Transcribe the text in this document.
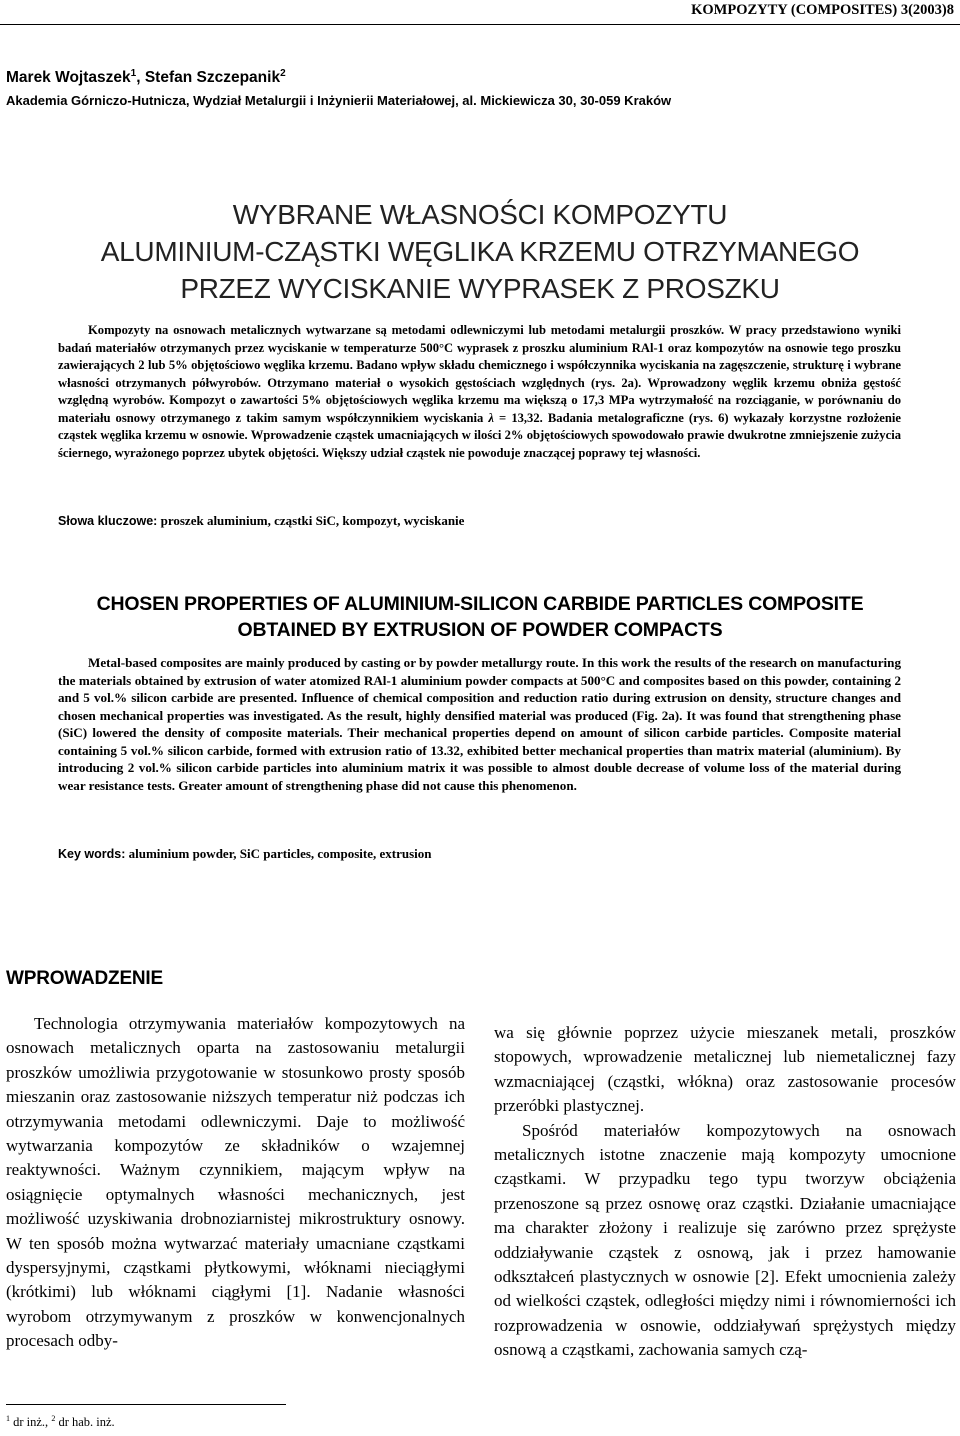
KOMPOZYTY (COMPOSITES) 3(2003)8
Marek Wojtaszek$^1$, Stefan Szczepanik$^2$
Akademia Górniczo-Hutnicza, Wydział Metalurgii i Inżynierii Materiałowej, al. Mickiewicza 30, 30-059 Kraków
WYBRANE WŁASNOŚCI KOMPOZYTU
ALUMINIUM-CZĄSTKI WĘGLIKA KRZEMU OTRZYMANEGO
PRZEZ WYCISKANIE WYPRASEK Z PROSZKU
Kompozyty na osnowach metalicznych wytwarzane są metodami odlewniczymi lub metodami metalurgii proszków. W pracy przedstawiono wyniki badań materiałów otrzymanych przez wyciskanie w temperaturze 500°C wyprasek z proszku aluminium RAl-1 oraz kompozytów na osnowie tego proszku zawierających 2 lub 5% objętościowo węglika krzemu. Badano wpływ składu chemicznego i współczynnika wyciskania na zagęszczenie, strukturę i wybrane własności otrzymanych półwyrobów. Otrzymano materiał o wysokich gęstościach względnych (rys. 2a). Wprowadzony węglik krzemu obniża gęstość względną wyrobów. Kompozyt o zawartości 5% objętościowych węglika krzemu ma większą o 17,3 MPa wytrzymałość na rozciąganie, w porównaniu do materiału osnowy otrzymanego z takim samym współczynnikiem wyciskania λ = 13,32. Badania metalograficzne (rys. 6) wykazały korzystne rozłożenie cząstek węglika krzemu w osnowie. Wprowadzenie cząstek umacniających w ilości 2% objętościowych spowodowało prawie dwukrotne zmniejszenie zużycia ściernego, wyrażonego poprzez ubytek objętości. Większy udział cząstek nie powoduje znaczącej poprawy tej własności.
Słowa kluczowe: proszek aluminium, cząstki SiC, kompozyt, wyciskanie
CHOSEN PROPERTIES OF ALUMINIUM-SILICON CARBIDE PARTICLES COMPOSITE
OBTAINED BY EXTRUSION OF POWDER COMPACTS
Metal-based composites are mainly produced by casting or by powder metallurgy route. In this work the results of the research on manufacturing the materials obtained by extrusion of water atomized RAl-1 aluminium powder compacts at 500°C and composites based on this powder, containing 2 and 5 vol.% silicon carbide are presented. Influence of chemical composition and reduction ratio during extrusion on density, structure changes and chosen mechanical properties was investigated. As the result, highly densified material was produced (Fig. 2a). It was found that strengthening phase (SiC) lowered the density of composite materials. Their mechanical properties depend on amount of silicon carbide particles. Composite material containing 5 vol.% silicon carbide, formed with extrusion ratio of 13.32, exhibited better mechanical properties than matrix material (aluminium). By introducing 2 vol.% silicon carbide particles into aluminium matrix it was possible to almost double decrease of volume loss of the material during wear resistance tests. Greater amount of strengthening phase did not cause this phenomenon.
Key words: aluminium powder, SiC particles, composite, extrusion
WPROWADZENIE

Technologia otrzymywania materiałów kompozytowych na osnowach metalicznych oparta na zastosowaniu metalurgii proszków umożliwia przygotowanie w stosunkowo prosty sposób mieszanin oraz zastosowanie niższych temperatur niż podczas ich otrzymywania metodami odlewniczymi. Daje to możliwość wytwarzania kompozytów ze składników o wzajemnej reaktywności. Ważnym czynnikiem, mającym wpływ na osiągnięcie optymalnych własności mechanicznych, jest możliwość uzyskiwania drobnoziarnistej mikrostruktury osnowy. W ten sposób można wytwarzać materiały umacniane cząstkami dyspersyjnymi, cząstkami płytkowymi, włóknami nieciągłymi (krótkimi) lub włóknami ciągłymi [1]. Nadanie własności wyrobom otrzymywanym z proszków w konwencjonalnych procesach odby-

wa się głównie poprzez użycie mieszanek metali, proszków stopowych, wprowadzenie metalicznej lub niemetalicznej fazy wzmacniającej (cząstki, włókna) oraz zastosowanie procesów przeróbki plastycznej.

Spośród materiałów kompozytowych na osnowach metalicznych istotne znaczenie mają kompozyty umocnione cząstkami. W przypadku tego typu tworzyw obciążenia przenoszone są przez osnowę oraz cząstki. Działanie umacniające ma charakter złożony i realizuje się zarówno przez sprężyste oddziaływanie cząstek z osnową, jak i przez hamowanie odkształceń plastycznych w osnowie [2]. Efekt umocnienia zależy od wielkości cząstek, odległości między nimi i równomierności ich rozprowadzenia w osnowie, oddziaływań sprężystych między osnową a cząstkami, zachowania samych czą-

$^1$ dr inż., $^2$ dr hab. inż.
